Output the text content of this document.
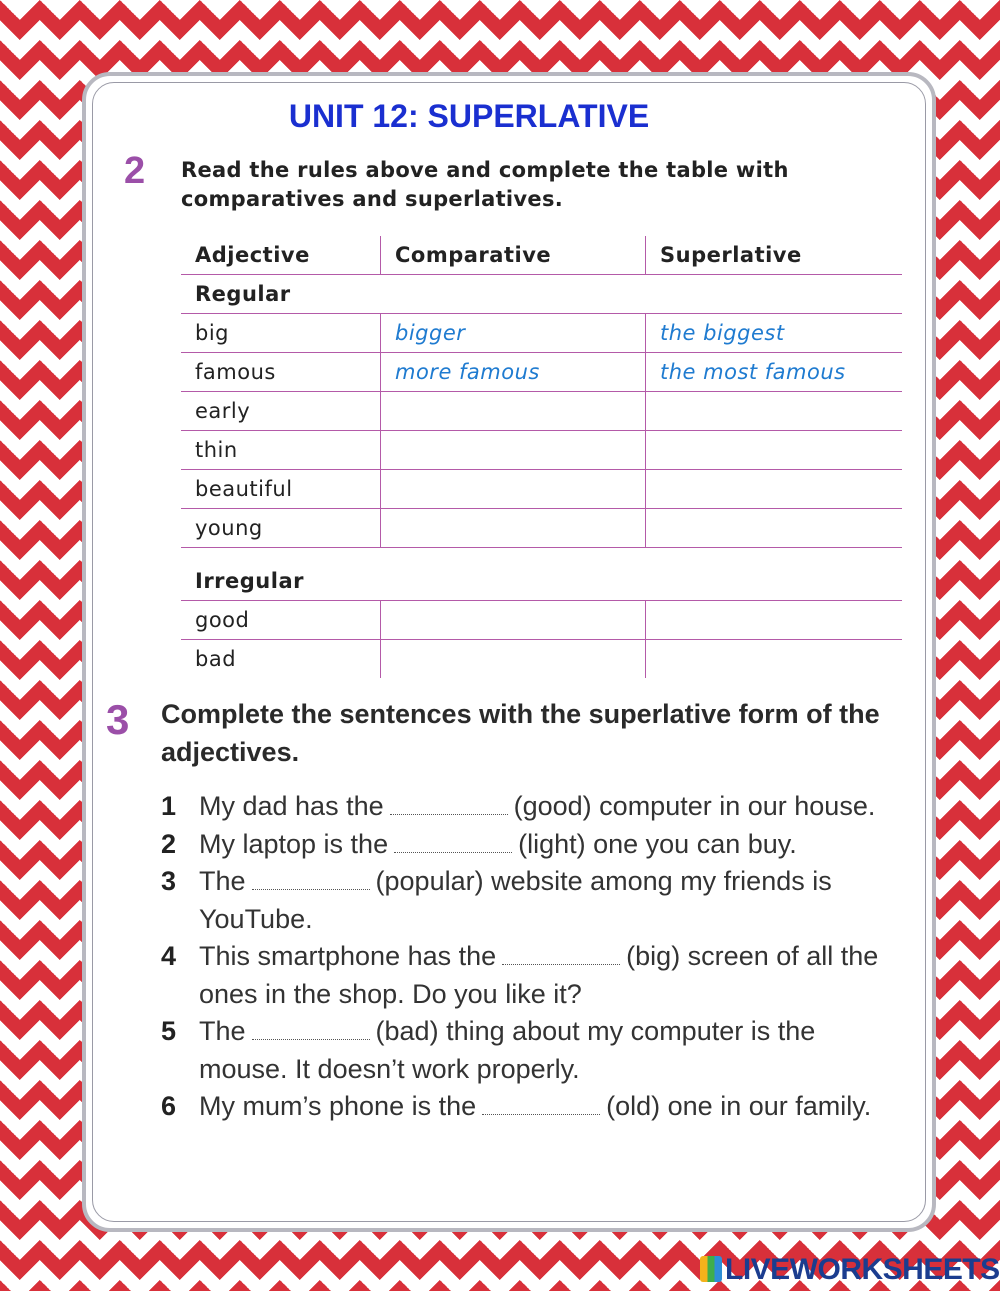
UNIT 12: SUPERLATIVE
2 Read the rules above and complete the table with comparatives and superlatives.
Adjective	Comparative	Superlative
Regular		
big	bigger	the biggest
famous	more famous	the most famous
early		
thin		
beautiful		
young		

Irregular		
good		
bad		
3 Complete the sentences with the superlative form of the adjectives.
1 My dad has the	(good) computer in our house.
2 My laptop is the	(light) one you can buy.
3 The	(popular) website among my friends is YouTube.
4 This smartphone has the	(big) screen of all the ones in the shop. Do you like it?
5 The	(bad) thing about my computer is the mouse. It doesn’t work properly.
6 My mum’s phone is the	(old) one in our family.
LIVEWORKSHEETS
